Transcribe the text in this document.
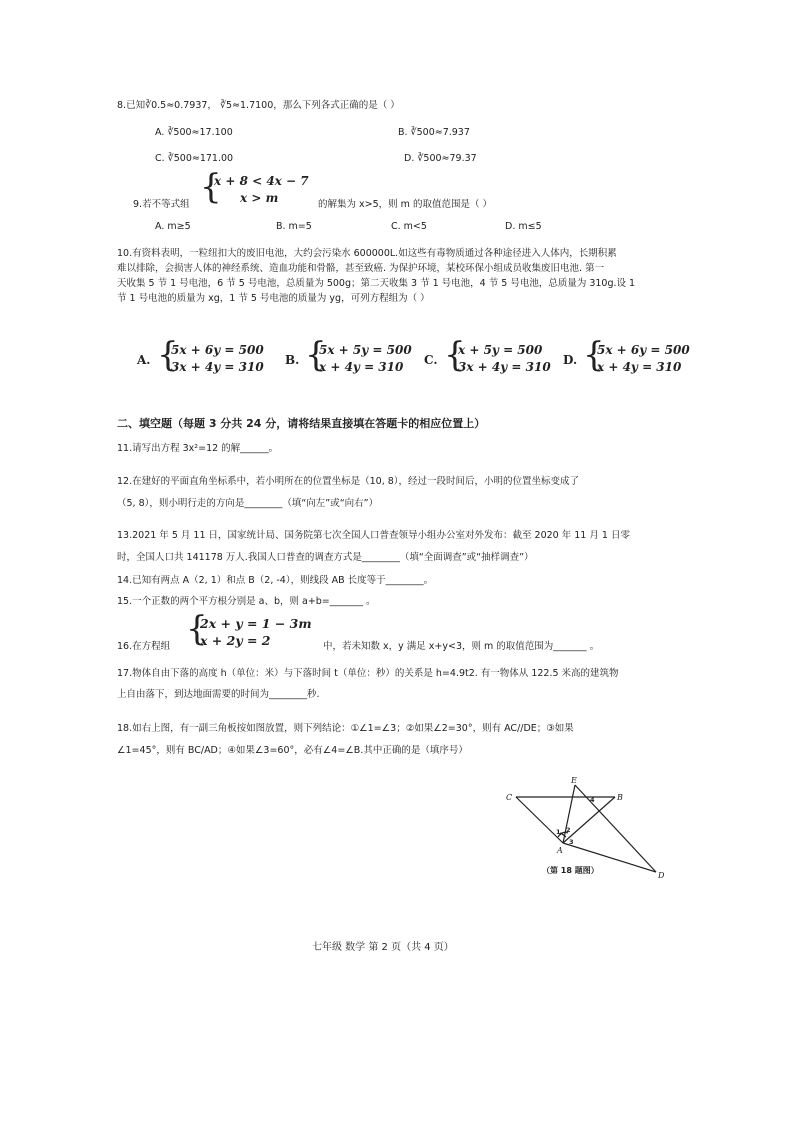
8.已知∛0.5≈0.7937， ∛5≈1.7100，那么下列各式正确的是（ ）
A. ∛500≈17.100	B. ∛500≈7.937
C. ∛500≈171.00	D. ∛500≈79.37
{
x + 8 < 4x − 7
x > m
9.若不等式组	的解集为 x>5，则 m 的取值范围是（ ）
A. m≥5	B. m=5	C. m<5	D. m≤5
10.有资料表明，一粒纽扣大的废旧电池，大约会污染水 600000L.如这些有毒物质通过各种途径进入人体内，长期积累
难以排除，会损害人体的神经系统、造血功能和骨骼，甚至致癌. 为保护环境，某校环保小组成员收集废旧电池. 第一
天收集 5 节 1 号电池，6 节 5 号电池，总质量为 500g；第二天收集 3 节 1 号电池，4 节 5 号电池，总质量为 310g.设 1
节 1 号电池的质量为 xg，1 节 5 号电池的质量为 yg，可列方程组为（ ）
A. {
5x + 6y = 500
3x + 4y = 310 B. {
5x + 5y = 500
x + 4y = 310 C. {
x + 5y = 500
3x + 4y = 310 D. {
5x + 6y = 500
x + 4y = 310
二、填空题（每题 3 分共 24 分，请将结果直接填在答题卡的相应位置上）
11.请写出方程 3x²=12 的解______。
12.在建好的平面直角坐标系中，若小明所在的位置坐标是（10, 8），经过一段时间后，小明的位置坐标变成了
（5, 8），则小明行走的方向是________（填“向左”或“向右”）
13.2021 年 5 月 11 日，国家统计局、国务院第七次全国人口普查领导小组办公室对外发布：截至 2020 年 11 月 1 日零
时，全国人口共 141178 万人.我国人口普查的调查方式是________（填“全面调查”或“抽样调查”）
14.已知有两点 A（2, 1）和点 B（2, -4），则线段 AB 长度等于________。
15.一个正数的两个平方根分别是 a、b，则 a+b=_______ 。
{
2x + y = 1 − 3m
x + 2y = 2
16.在方程组	中，若未知数 x，y 满足 x+y<3，则 m 的取值范围为_______ 。
17.物体自由下落的高度 h（单位：米）与下落时间 t（单位：秒）的关系是 h=4.9t2. 有一物体从 122.5 米高的建筑物
上自由落下，到达地面需要的时间为________秒.
18.如右上图，有一副三角板按如图放置，则下列结论：①∠1=∠3；②如果∠2=30°，则有 AC//DE；③如果
∠1=45°，则有 BC/AD；④如果∠3=60°，必有∠4=∠B.其中正确的是（填序号）
C
E
B
A
D
1 2
3
4
（第 18 题图）
七年级 数学 第 2 页（共 4 页）
